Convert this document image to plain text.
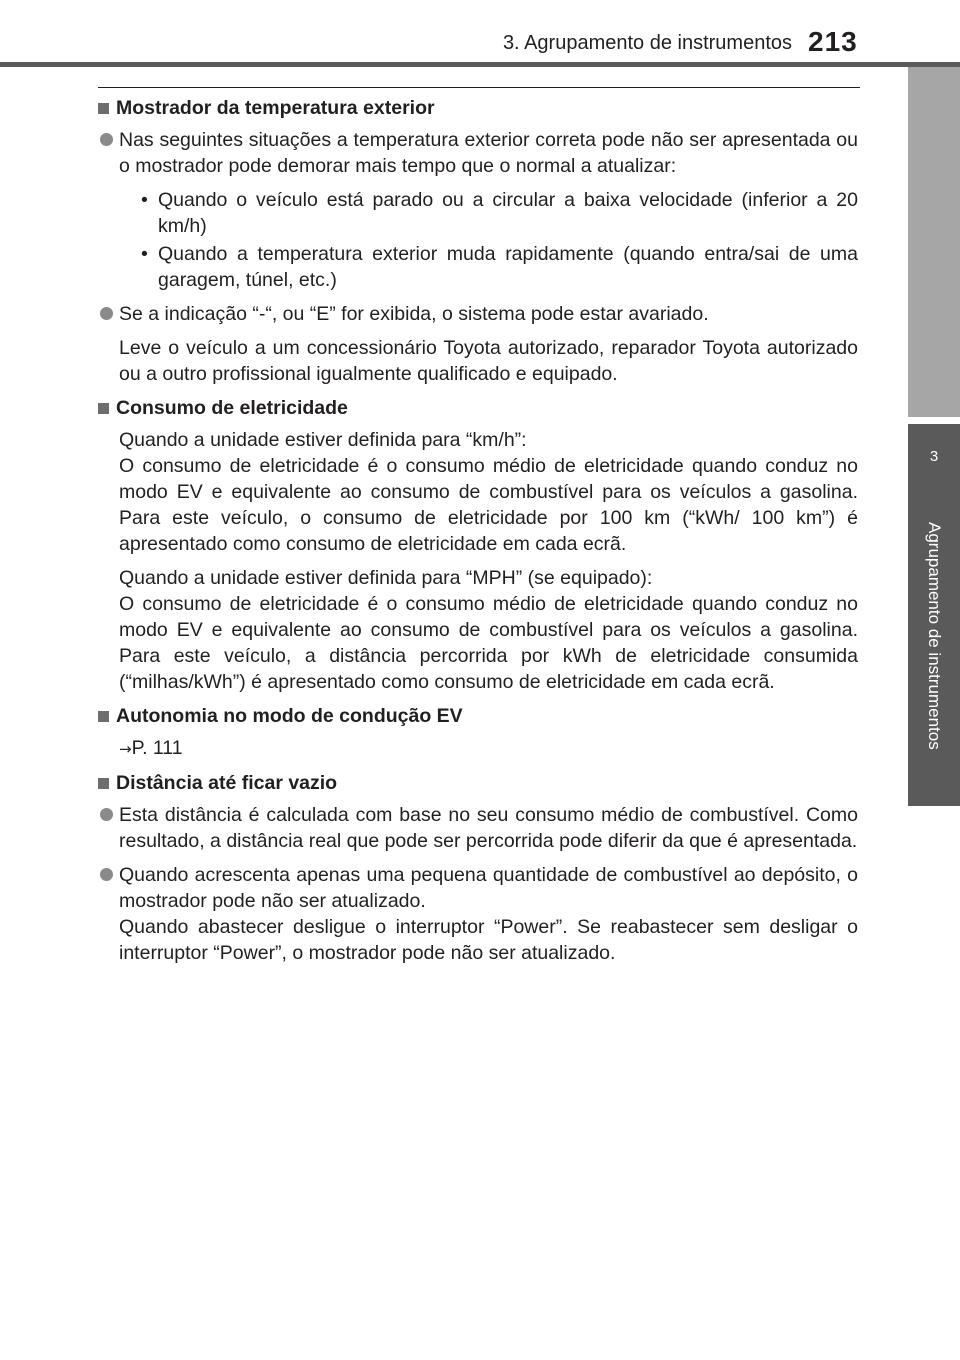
3. Agrupamento de instrumentos 213
3
Agrupamento de instrumentos
Mostrador da temperatura exterior
Nas seguintes situações a temperatura exterior correta pode não ser apresentada ou o mostrador pode demorar mais tempo que o normal a atualizar:
• Quando o veículo está parado ou a circular a baixa velocidade (inferior a 20 km/h)
• Quando a temperatura exterior muda rapidamente (quando entra/sai de uma garagem, túnel, etc.)
Se a indicação “-“, ou “E” for exibida, o sistema pode estar avariado.
Leve o veículo a um concessionário Toyota autorizado, reparador Toyota autorizado ou a outro profissional igualmente qualificado e equipado.
Consumo de eletricidade
Quando a unidade estiver definida para “km/h”:
O consumo de eletricidade é o consumo médio de eletricidade quando conduz no modo EV e equivalente ao consumo de combustível para os veículos a gasolina. Para este veículo, o consumo de eletricidade por 100 km (“kWh/ 100 km”) é apresentado como consumo de eletricidade em cada ecrã.
Quando a unidade estiver definida para “MPH” (se equipado):
O consumo de eletricidade é o consumo médio de eletricidade quando conduz no modo EV e equivalente ao consumo de combustível para os veículos a gasolina. Para este veículo, a distância percorrida por kWh de eletricidade consumida (“milhas/kWh”) é apresentado como consumo de eletricidade em cada ecrã.
Autonomia no modo de condução EV
→P. 111
Distância até ficar vazio
Esta distância é calculada com base no seu consumo médio de combustível. Como resultado, a distância real que pode ser percorrida pode diferir da que é apresentada.
Quando acrescenta apenas uma pequena quantidade de combustível ao depósito, o mostrador pode não ser atualizado.
Quando abastecer desligue o interruptor “Power”. Se reabastecer sem desligar o interruptor “Power”, o mostrador pode não ser atualizado.
